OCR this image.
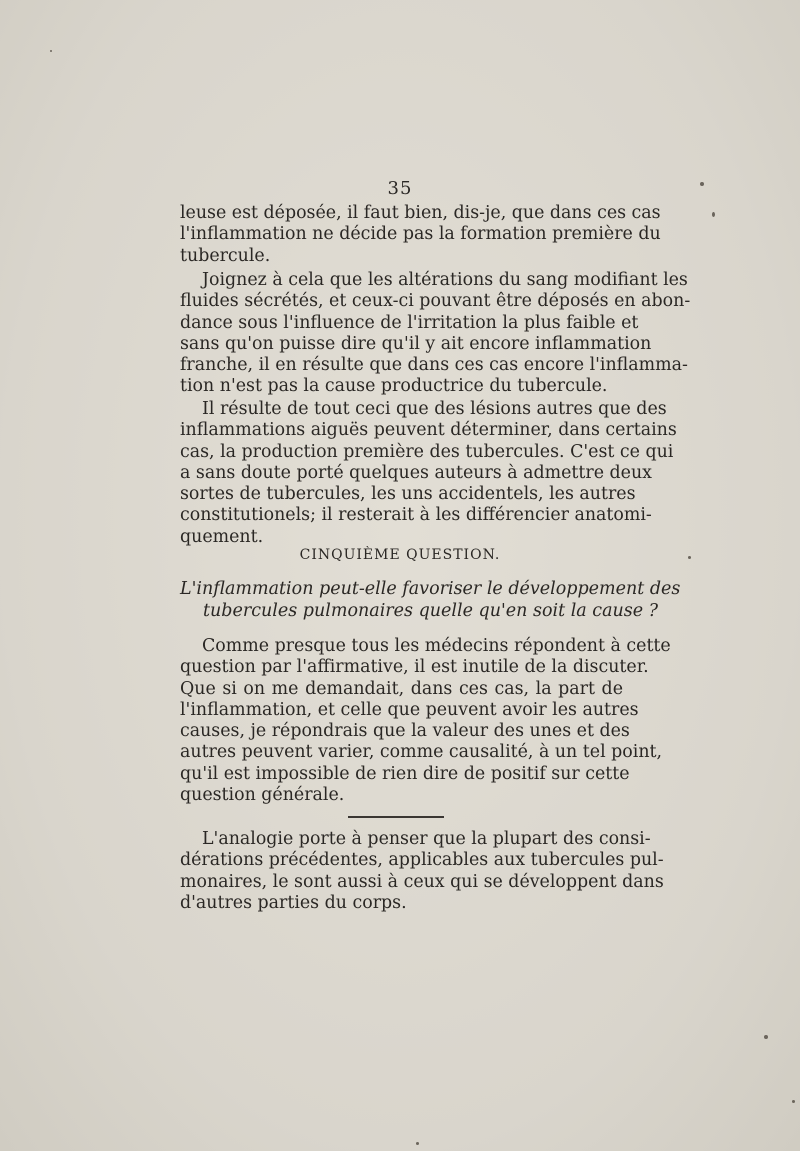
35
leuse est déposée, il faut bien, dis-je, que dans ces cas
l'inflammation ne décide pas la formation première du
tubercule.
Joignez à cela que les altérations du sang modifiant les
fluides sécrétés, et ceux-ci pouvant être déposés en abon-
dance sous l'influence de l'irritation la plus faible et
sans qu'on puisse dire qu'il y ait encore inflammation
franche, il en résulte que dans ces cas encore l'inflamma-
tion n'est pas la cause productrice du tubercule.
Il résulte de tout ceci que des lésions autres que des
inflammations aiguës peuvent déterminer, dans certains
cas, la production première des tubercules. C'est ce qui
a sans doute porté quelques auteurs à admettre deux
sortes de tubercules, les uns accidentels, les autres
constitutionels; il resterait à les différencier anatomi-
quement.
CINQUIÈME QUESTION.
L'inflammation peut-elle favoriser le développement des
tubercules pulmonaires quelle qu'en soit la cause ?
Comme presque tous les médecins répondent à cette
question par l'affirmative, il est inutile de la discuter.
Que si on me demandait, dans ces cas, la part de
l'inflammation, et celle que peuvent avoir les autres
causes, je répondrais que la valeur des unes et des
autres peuvent varier, comme causalité, à un tel point,
qu'il est impossible de rien dire de positif sur cette
question générale.
L'analogie porte à penser que la plupart des consi-
dérations précédentes, applicables aux tubercules pul-
monaires, le sont aussi à ceux qui se développent dans
d'autres parties du corps.
